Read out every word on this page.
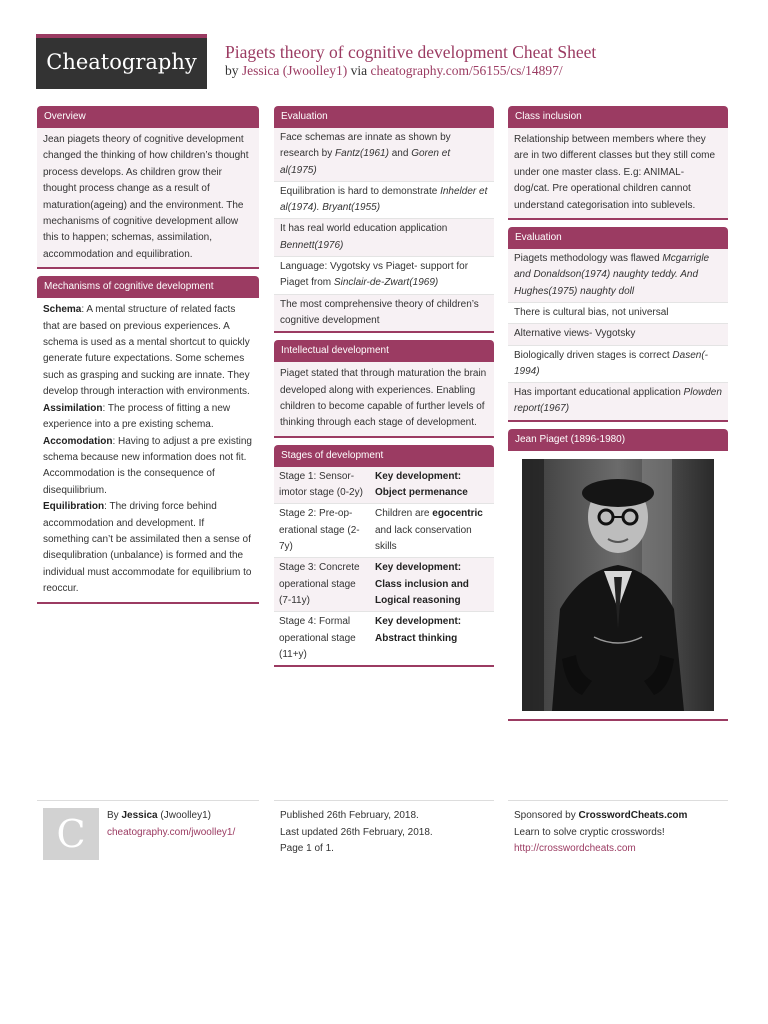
Cheatography	Piagets theory of cognitive development Cheat Sheet
by Jessica (Jwoolley1) via cheatography.com/56155/cs/14897/
Overview
Jean piagets theory of cognitive development changed the thinking of how children’s thought process develops. As children grow their thought process change as a result of maturation(ageing) and the environment. The mechanisms of cognitive development allow this to happen; schemas, assimilation, accommodation and equilibration.
Mechanisms of cognitive development
Schema: A mental structure of related facts that are based on previous experiences. A schema is used as a mental shortcut to quickly generate future expectations. Some schemes such as grasping and sucking are innate. They develop through interaction with environments.
Assimilation: The process of fitting a new experience into a pre existing schema.
Accomodation: Having to adjust a pre existing schema because new information does not fit. Accommodation is the consequence of disequilibrium.
Equilibration: The driving force behind accommodation and development. If something can’t be assimilated then a sense of disequlibration (unbalance) is formed and the individual must accommodate for equilibrium to reoccur.
Evaluation
Face schemas are innate as shown by research by Fantz(1961) and Goren et al(1975)
Equilibration is hard to demonstrate Inhelder et al(1974). Bryant(1955)
It has real world education application Bennett(1976)
Language: Vygotsky vs Piaget- support for Piaget from Sinclair-de-Zwart(1969)
The most comprehensive theory of children’s cognitive development
Intellectual development
Piaget stated that through maturation the brain developed along with experiences. Enabling children to become capable of further levels of thinking through each stage of development.
Stages of development
Stage 1: Sensorimotor stage (0-2y)	Key development: Object permenance
Stage 2: Pre-operational stage (2-7y)	Children are egocentric and lack conservation skills
Stage 3: Concrete operational stage (7-11y)	Key development: Class inclusion and Logical reasoning
Stage 4: Formal operational stage (11+y)	Key development: Abstract thinking
Class inclusion
Relationship between members where they are in two different classes but they still come under one master class. E.g: ANIMAL- dog/cat. Pre operational children cannot understand categorisation into sublevels.
Evaluation
Piagets methodology was flawed Mcgarrigle and Donaldson(1974) naughty teddy. And Hughes(1975) naughty doll
There is cultural bias, not universal
Alternative views- Vygotsky
Biologically driven stages is correct Dasen(1994)
Has important educational application Plowden report(1967)
Jean Piaget (1896-1980)
C	By Jessica (Jwoolley1)
cheatography.com/jwoolley1/
Published 26th February, 2018.
Last updated 26th February, 2018.
Page 1 of 1.
Sponsored by CrosswordCheats.com
Learn to solve cryptic crosswords!
http://crosswordcheats.com
